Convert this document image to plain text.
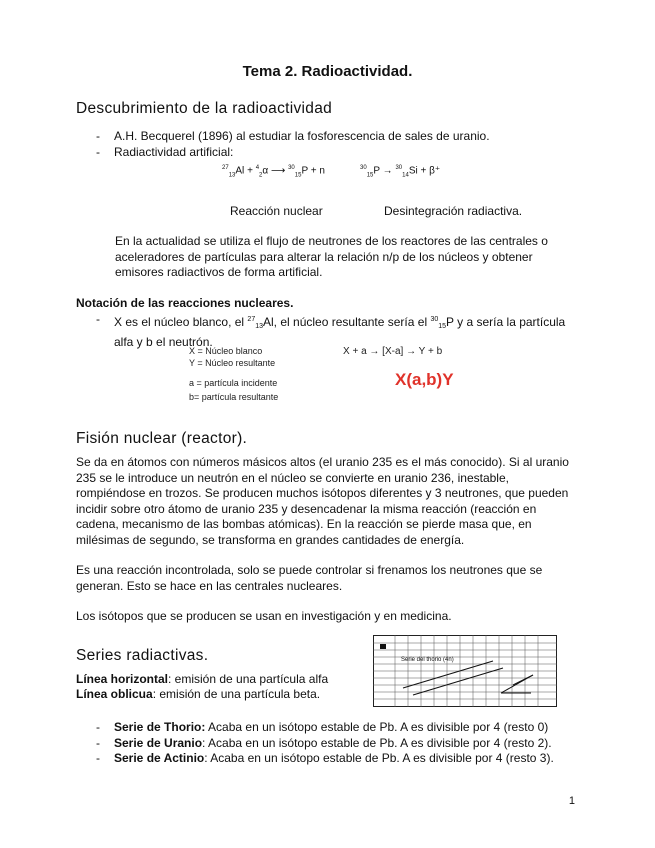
Tema 2. Radioactividad.
Descubrimiento de la radioactividad
- A.H. Becquerel (1896) al estudiar la fosforescencia de sales de uranio.
- Radiactividad artificial:
$^{27}_{13}$Al + $^4_2$α ⟶ $^{30}_{15}$P + n	$^{30}_{15}$P → $^{30}_{14}$Si + β⁺
Reacción nuclear	Desintegración radiactiva.
En la actualidad se utiliza el flujo de neutrones de los reactores de las centrales o aceleradores de partículas para alterar la relación n/p de los núcleos y obtener emisores radiactivos de forma artificial.
Notación de las reacciones nucleares.
- X es el núcleo blanco, el $^{27}$13Al, el núcleo resultante sería el $^{30}$15P y a sería la partícula alfa y b el neutrón.
X = Núcleo blanco
Y = Núcleo resultante
a = partícula incidente
b= partícula resultante
X + a → [X-a] → Y + b
X(a,b)Y
Fisión nuclear (reactor).
Se da en átomos con números másicos altos (el uranio 235 es el más conocido). Si al uranio 235 se le introduce un neutrón en el núcleo se convierte en uranio 236, inestable, rompiéndose en trozos. Se producen muchos isótopos diferentes y 3 neutrones, que pueden incidir sobre otro átomo de uranio 235 y desencadenar la misma reacción (reacción en cadena, mecanismo de las bombas atómicas). En la reacción se pierde masa que, en milésimas de segundo, se transforma en grandes cantidades de energía.
Es una reacción incontrolada, solo se puede controlar si frenamos los neutrones que se generan. Esto se hace en las centrales nucleares.
Los isótopos que se producen se usan en investigación y en medicina.
Series radiactivas.
Línea horizontal: emisión de una partícula alfa
Línea oblicua: emisión de una partícula beta.
Serie del thorio (4n)
- Serie de Thorio: Acaba en un isótopo estable de Pb. A es divisible por 4 (resto 0)
- Serie de Uranio: Acaba en un isótopo estable de Pb. A es divisible por 4 (resto 2).
- Serie de Actinio: Acaba en un isótopo estable de Pb. A es divisible por 4 (resto 3).
1
